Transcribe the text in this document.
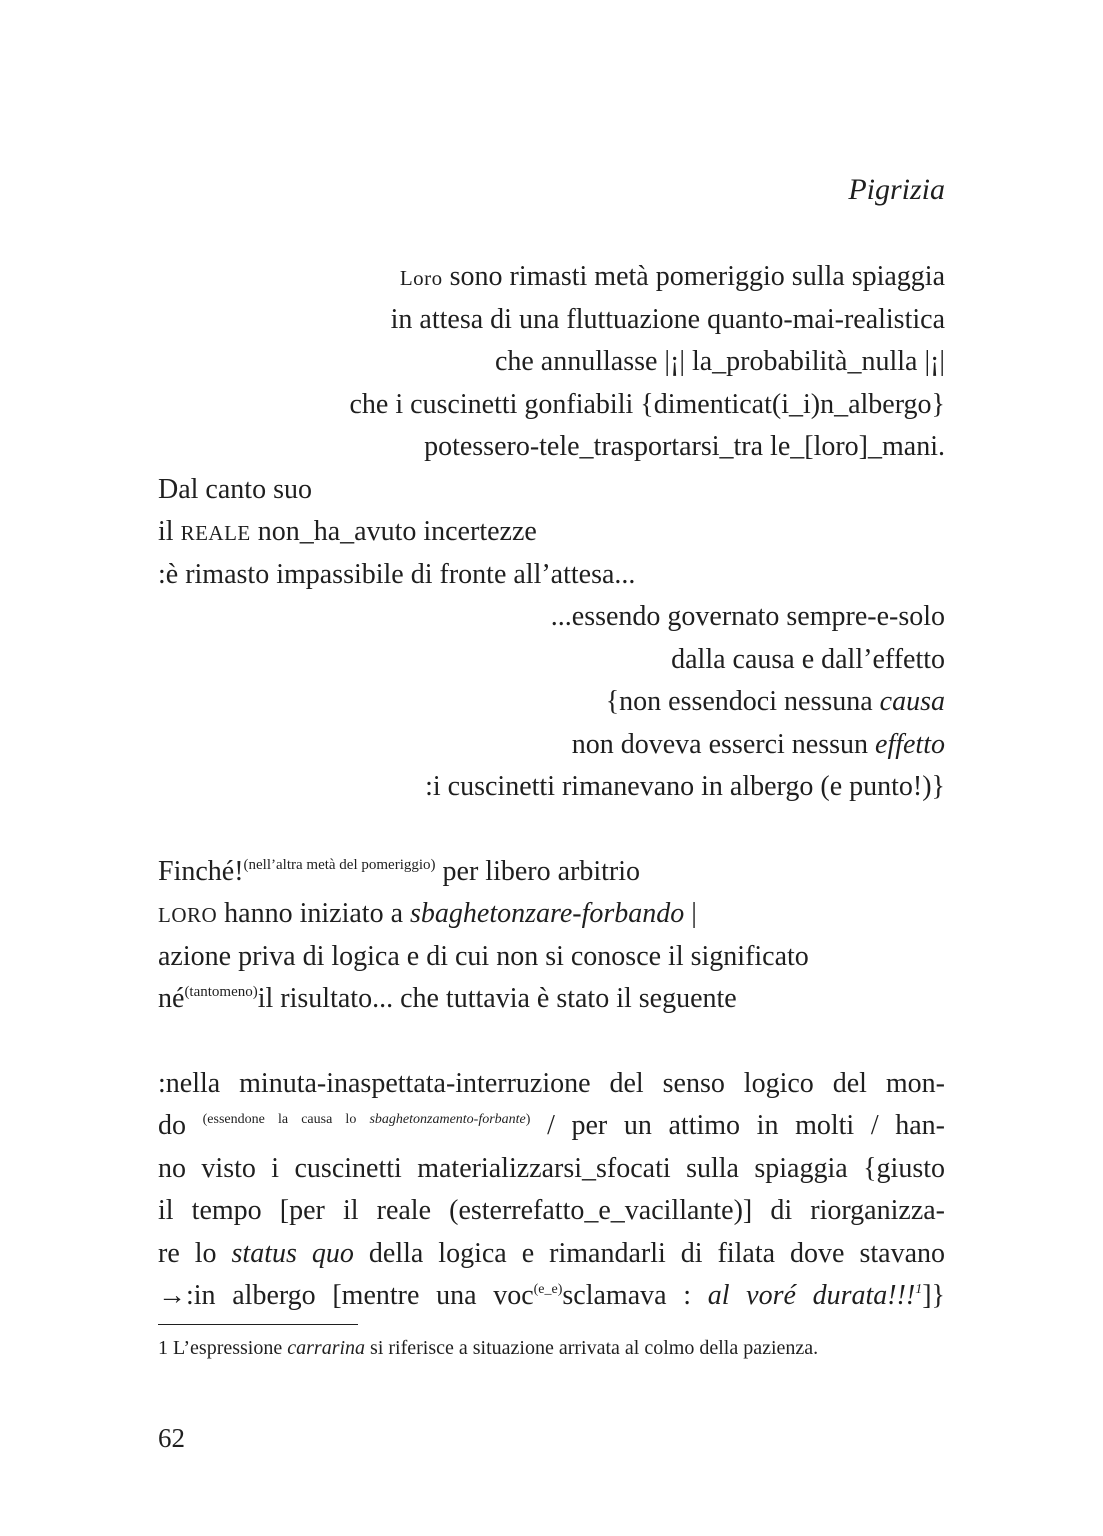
Pigrizia
Loro sono rimasti metà pomeriggio sulla spiaggia
in attesa di una fluttuazione quanto-mai-realistica
che annullasse |¡| la_probabilità_nulla |¡|
che i cuscinetti gonfiabili {dimenticat(i_i)n_albergo}
potessero-tele_trasportarsi_tra le_[loro]_mani.
Dal canto suo
il REALE non_ha_avuto incertezze
:è rimasto impassibile di fronte all’attesa...
...essendo governato sempre-e-solo
dalla causa e dall’effetto
{non essendoci nessuna causa
non doveva esserci nessun effetto
:i cuscinetti rimanevano in albergo (e punto!)}
Finché!$^{(nell’altra metà del pomeriggio)}$ per libero arbitrio
LORO hanno iniziato a sbaghetonzare-forbando |
azione priva di logica e di cui non si conosce il significato
$né^{(tantomeno)}il$ risultato... che tuttavia è stato il seguente
:nella minuta-inaspettata-interruzione del senso logico del mon-
do $^{(essendone la causa lo sbaghetonzamento-forbante)}$ / per un attimo in molti / han-
no visto i cuscinetti materializzarsi_sfocati sulla spiaggia {giusto
il tempo [per il reale (esterrefatto_e_vacillante)] di riorganizza-
re lo status quo della logica e rimandarli di filata dove stavano
→:in albergo [mentre una voc$^{(e\_e)}$sclamava : al voré durata!!!$^1$]}
1 L’espressione carrarina si riferisce a situazione arrivata al colmo della pazienza.
62
